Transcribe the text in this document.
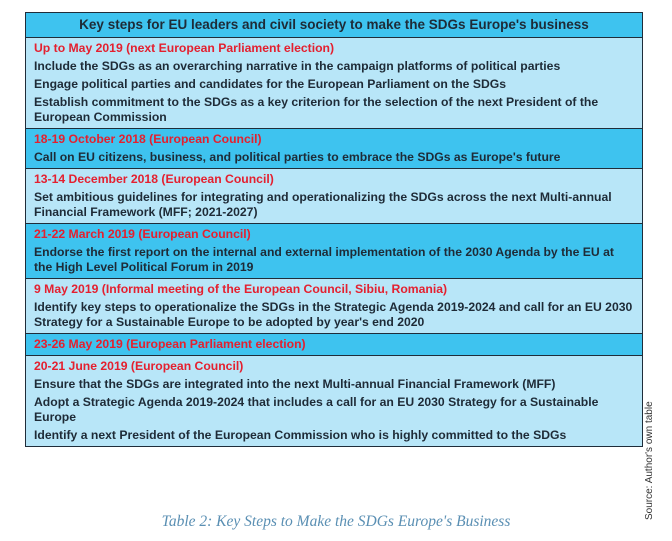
Key steps for EU leaders and civil society to make the SDGs Europe's business
Up to May 2019 (next European Parliament election)
Include the SDGs as an overarching narrative in the campaign platforms of political parties
Engage political parties and candidates for the European Parliament on the SDGs
Establish commitment to the SDGs as a key criterion for the selection of the next President of the European Commission
18-19 October 2018 (European Council)
Call on EU citizens, business, and political parties to embrace the SDGs as Europe's future
13-14 December 2018 (European Council)
Set ambitious guidelines for integrating and operationalizing the SDGs across the next Multi-annual Financial Framework (MFF; 2021-2027)
21-22 March 2019 (European Council)
Endorse the first report on the internal and external implementation of the 2030 Agenda by the EU at the High Level Political Forum in 2019
9 May 2019 (Informal meeting of the European Council, Sibiu, Romania)
Identify key steps to operationalize the SDGs in the Strategic Agenda 2019-2024 and call for an EU 2030 Strategy for a Sustainable Europe to be adopted by year's end 2020
23-26 May 2019 (European Parliament election)
20-21 June 2019 (European Council)
Ensure that the SDGs are integrated into the next Multi-annual Financial Framework (MFF)
Adopt a Strategic Agenda 2019-2024 that includes a call for an EU 2030 Strategy for a Sustainable Europe
Identify a next President of the European Commission who is highly committed to the SDGs	Source: Author's own table
Table 2: Key Steps to Make the SDGs Europe's Business
